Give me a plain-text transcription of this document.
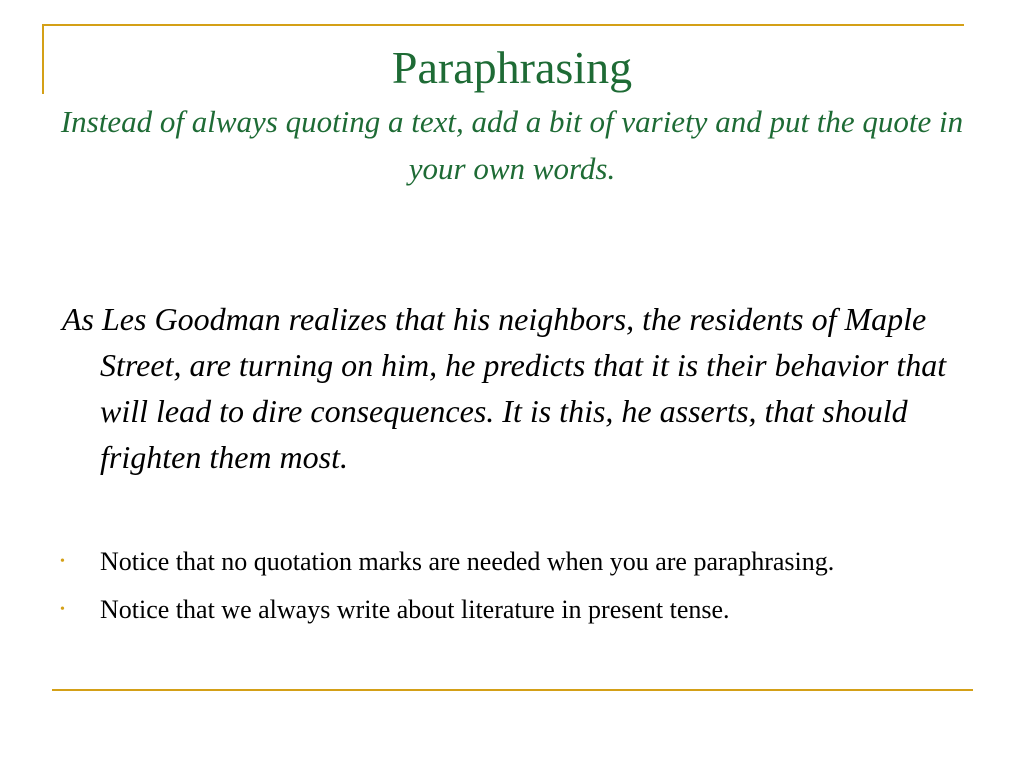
Paraphrasing
Instead of always quoting a text, add a bit of variety and put the quote in your own words.

As Les Goodman realizes that his neighbors, the residents of Maple Street, are turning on him, he predicts that it is their behavior that will lead to dire consequences. It is this, he asserts, that should frighten them most.

•	Notice that no quotation marks are needed when you are paraphrasing.
•	Notice that we always write about literature in present tense.
